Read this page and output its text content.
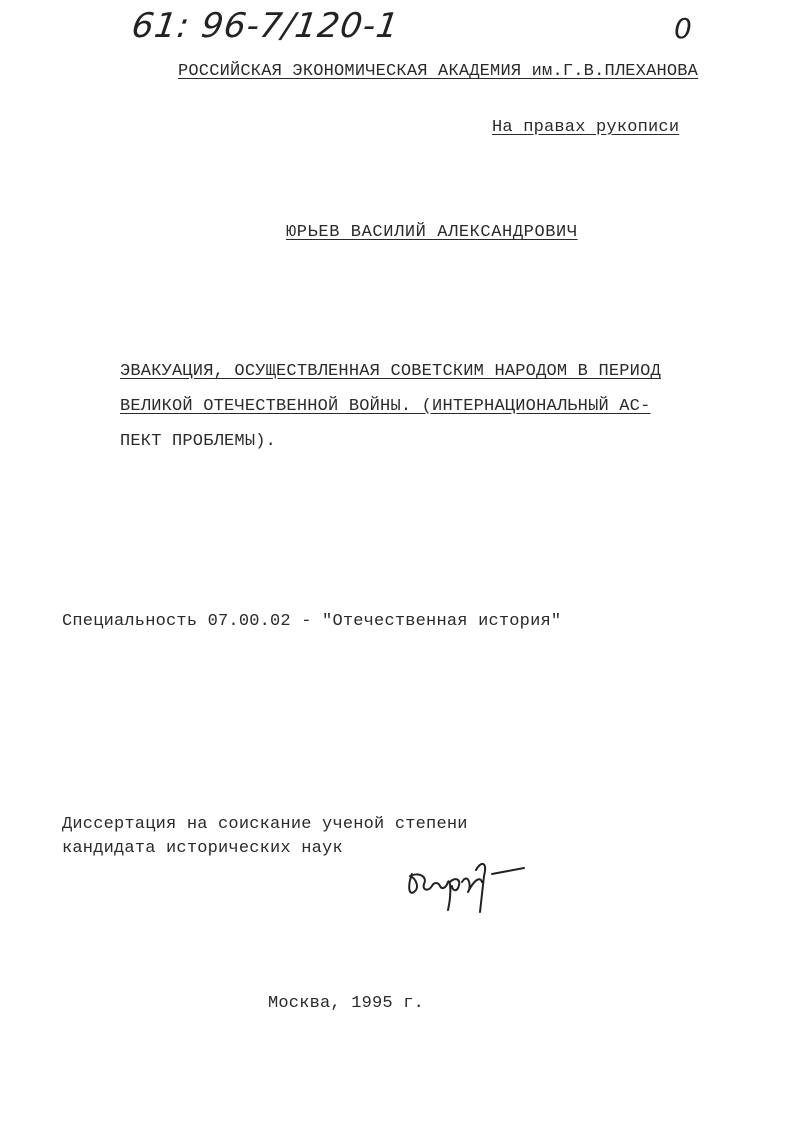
61: 96-7/120-1	0
РОССИЙСКАЯ ЭКОНОМИЧЕСКАЯ АКАДЕМИЯ им.Г.В.ПЛЕХАНОВА
На правах рукописи
ЮРЬЕВ ВАСИЛИЙ АЛЕКСАНДРОВИЧ
ЭВАКУАЦИЯ, ОСУЩЕСТВЛЕННАЯ СОВЕТСКИМ НАРОДОМ В ПЕРИОД
ВЕЛИКОЙ ОТЕЧЕСТВЕННОЙ ВОЙНЫ. (ИНТЕРНАЦИОНАЛЬНЫЙ АС-
ПЕКТ ПРОБЛЕМЫ).
Специальность 07.00.02 - "Отечественная история"
Диссертация на соискание ученой степени
кандидата исторических наук
Москва, 1995 г.
